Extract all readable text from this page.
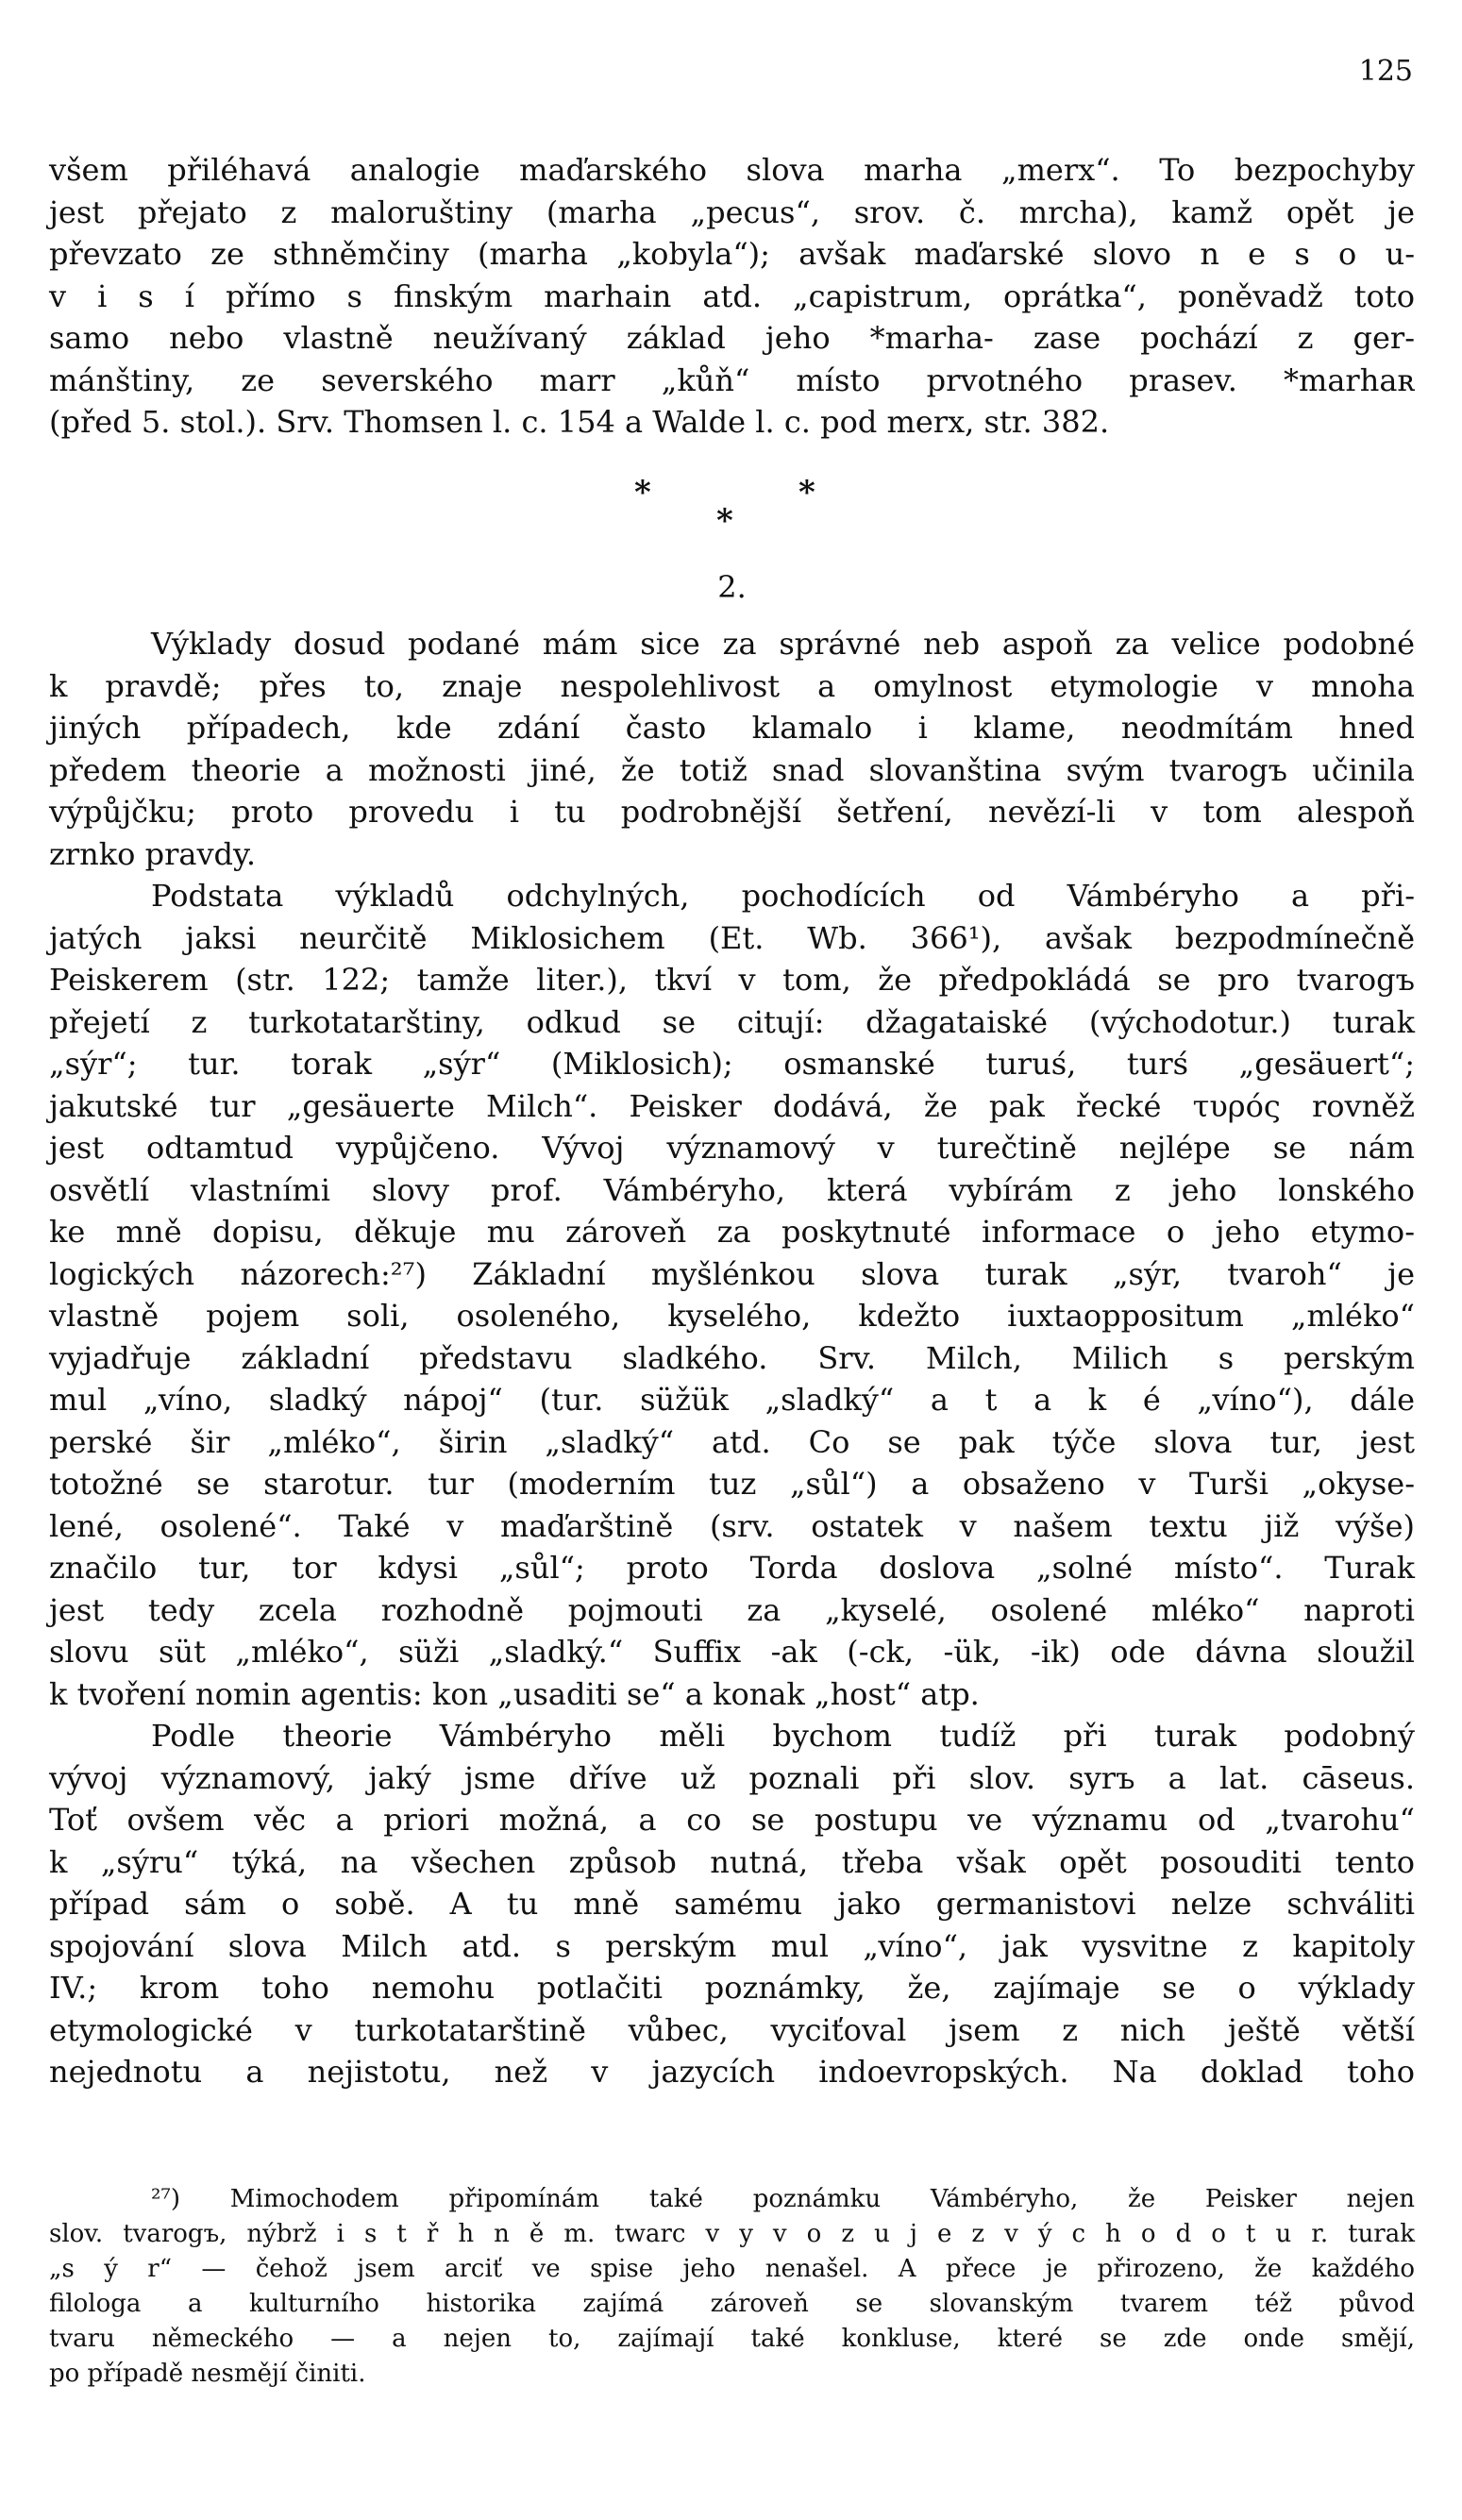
125
všem přiléhavá analogie maďarského slova marha „merx“. To bezpochyby
jest přejato z maloruštiny (marha „pecus“, srov. č. mrcha), kamž opět je
převzato ze sthněmčiny (marha „kobyla“); avšak maďarské slovo n e s o u-
v i s í přímo s finským marhain atd. „capistrum, oprátka“, poněvadž toto
samo nebo vlastně neužívaný základ jeho *marha- zase pochází z ger-
mánštiny, ze severského marr „kůň“ místo prvotného prasev. *marhaʀ
(před 5. stol.). Srv. Thomsen l. c. 154 a Walde l. c. pod merx, str. 382.
*
*
*
2.
Výklady dosud podané mám sice za správné neb aspoň za velice podobné
k pravdě; přes to, znaje nespolehlivost a omylnost etymologie v mnoha
jiných případech, kde zdání často klamalo i klame, neodmítám hned
předem theorie a možnosti jiné, že totiž snad slovanština svým tvarogъ učinila
výpůjčku; proto provedu i tu podrobnější šetření, nevězí-li v tom alespoň
zrnko pravdy.
Podstata výkladů odchylných, pochodících od Vámbéryho a při-
jatých jaksi neurčitě Miklosichem (Et. Wb. 366¹), avšak bezpodmínečně
Peiskerem (str. 122; tamže liter.), tkví v tom, že předpokládá se pro tvarogъ
přejetí z turkotatarštiny, odkud se citují: džagataiské (východotur.) turak
„sýr“; tur. torak „sýr“ (Miklosich); osmanské turuś, turś „gesäuert“;
jakutské tur „gesäuerte Milch“. Peisker dodává, že pak řecké τυρός rovněž
jest odtamtud vypůjčeno. Vývoj významový v turečtině nejlépe se nám
osvětlí vlastními slovy prof. Vámbéryho, která vybírám z jeho lonského
ke mně dopisu, děkuje mu zároveň za poskytnuté informace o jeho etymo-
logických názorech:²⁷) Základní myšlénkou slova turak „sýr, tvaroh“ je
vlastně pojem soli, osoleného, kyselého, kdežto iuxtaoppositum „mléko“
vyjadřuje základní představu sladkého. Srv. Milch, Milich s perským
mul „víno, sladký nápoj“ (tur. süžük „sladký“ a t a k é „víno“), dále
perské šir „mléko“, širin „sladký“ atd. Co se pak týče slova tur, jest
totožné se starotur. tur (moderním tuz „sůl“) a obsaženo v Turši „okyse-
lené, osolené“. Také v maďarštině (srv. ostatek v našem textu již výše)
značilo tur, tor kdysi „sůl“; proto Torda doslova „solné místo“. Turak
jest tedy zcela rozhodně pojmouti za „kyselé, osolené mléko“ naproti
slovu süt „mléko“, süži „sladký.“ Suffix -ak (-ck, -ük, -ik) ode dávna sloužil
k tvoření nomin agentis: kon „usaditi se“ a konak „host“ atp.
Podle theorie Vámbéryho měli bychom tudíž při turak podobný
vývoj významový, jaký jsme dříve už poznali při slov. syrъ a lat. cāseus.
Toť ovšem věc a priori možná, a co se postupu ve významu od „tvarohu“
k „sýru“ týká, na všechen způsob nutná, třeba však opět posouditi tento
případ sám o sobě. A tu mně samému jako germanistovi nelze schváliti
spojování slova Milch atd. s perským mul „víno“, jak vysvitne z kapitoly
IV.; krom toho nemohu potlačiti poznámky, že, zajímaje se o výklady
etymologické v turkotatarštině vůbec, vyciťoval jsem z nich ještě větší
nejednotu a nejistotu, než v jazycích indoevropských. Na doklad toho
²⁷) Mimochodem připomínám také poznámku Vámbéryho, že Peisker nejen
slov. tvarogъ, nýbrž i s t ř h n ě m. twarc v y v o z u j e z v ý c h o d o t u r. turak
„s ý r“ — čehož jsem arciť ve spise jeho nenašel. A přece je přirozeno, že každého
filologa a kulturního historika zajímá zároveň se slovanským tvarem též původ
tvaru německého — a nejen to, zajímají také konkluse, které se zde onde smějí,
po případě nesmějí činiti.
